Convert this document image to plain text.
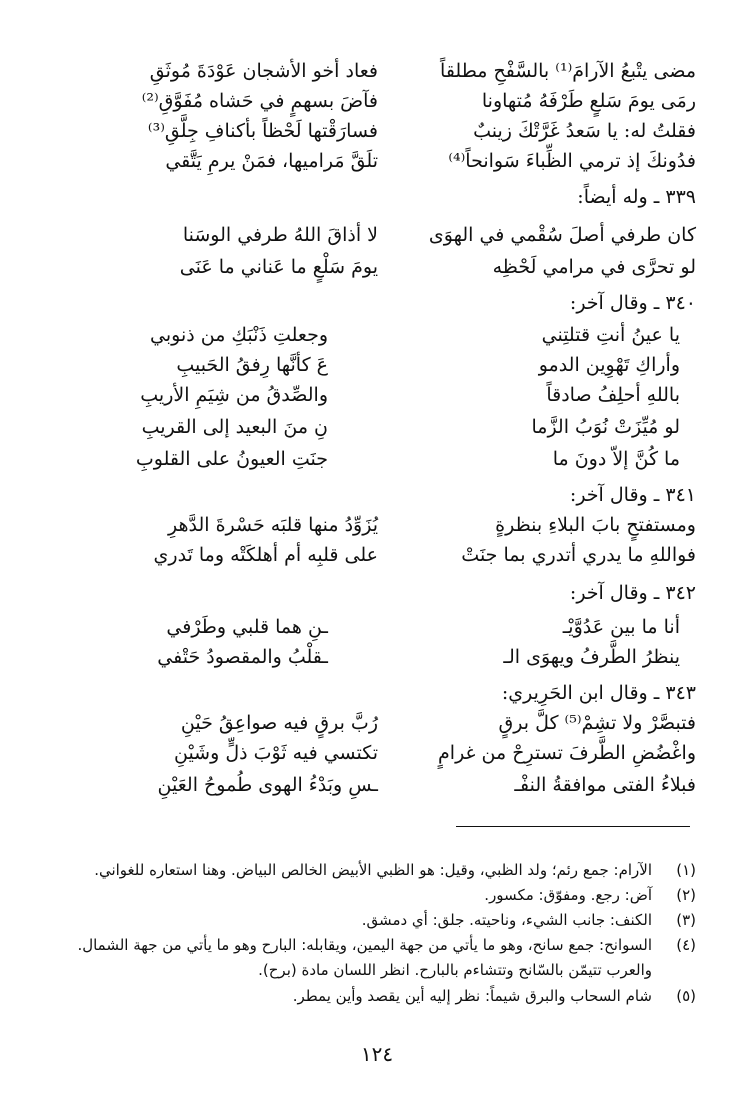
مضى يتْبعُ الآرامَ⁽¹⁾ بالسَّفْحِ مطلقاً
فعاد أخو الأشجان عَوْدَةَ مُوثَقِ
رمَى يومَ سَلعٍ طَرْفَهُ مُتهاونا
فآضَ بسهمٍ في حَشاه مُفَوَّقِ⁽²⁾
فقلتُ له: يا سَعدُ غَرَّتْكَ زينبٌ
فسارَقْتها لَحْظاً بأكنافِ جِلَّقِ⁽³⁾
فدُونكَ إذ ترمي الظِّباءَ سَوانحاً⁽⁴⁾
تلَقَّ مَراميها، فمَنْ يرمِ يَتَّقي
٣٣٩ ـ وله أيضاً:
كان طرفي أصلَ سُقْمي في الهوَى
لا أذاقَ اللهُ طرفي الوسَنا
لو تحرَّى في مرامي لَحْظِه
يومَ سَلْعٍ ما عَناني ما عَنَى
٣٤٠ ـ وقال آخر:
يا عينُ أنتِ قتلتِني
وجعلتِ ذَنْبَكِ من ذنوبي
وأراكِ تَهْوِين الدمو
عَ كأنَّها رِفقُ الحَبيبِ
باللهِ أحلِفُ صادقاً
والصِّدقُ من شِيَمِ الأريبِ
لو مُيِّزَتْ نُوَبُ الزَّما
نِ منَ البعيد إلى القريبِ
ما كُنَّ إلاّ دونَ ما
جنَتِ العيونُ على القلوبِ
٣٤١ ـ وقال آخر:
ومستفتحٍ بابَ البلاءِ بنظرةٍ
يُزَوِّدُ منها قلبَه حَسْرةَ الدَّهرِ
فواللهِ ما يدري أتدري بما جنَتْ
على قلبِه أم أهلكَتْه وما تَدري
٣٤٢ ـ وقال آخر:
أنا ما بين عَدُوَّيْـ
ـنِ هما قلبي وطَرْفي
ينظرُ الطَّرفُ ويهوَى الـ
ـقلْبُ والمقصودُ حَتْفي
٣٤٣ ـ وقال ابن الحَرِيري:
فتبصَّرْ ولا تشِمْ⁽⁵⁾ كلَّ برقٍ
رُبَّ برقٍ فيه صواعِقُ حَيْنِ
واغْضُضِ الطَّرفَ تسترِحْ من غرامٍ
تكتسي فيه ثَوْبَ ذلٍّ وشَيْنِ
فبلاءُ الفتى موافقةُ النفْـ
ـسِ وبَدْءُ الهوى طُموحُ العَيْنِ
(١)
الآرام: جمع رئم؛ ولد الظبي، وقيل: هو الظبي الأبيض الخالص البياض. وهنا استعاره للغواني.
(٢)
آض: رجع. ومفوّق: مكسور.
(٣)
الكنف: جانب الشيء، وناحيته. جلق: أي دمشق.
(٤)
السوانح: جمع سانح، وهو ما يأتي من جهة اليمين، ويقابله: البارح وهو ما يأتي من جهة الشمال.
والعرب تتيمّن بالسّانح وتتشاءم بالبارح. انظر اللسان مادة (برح).
(٥)
شام السحاب والبرق شيماً: نظر إليه أين يقصد وأين يمطر.
١٢٤
